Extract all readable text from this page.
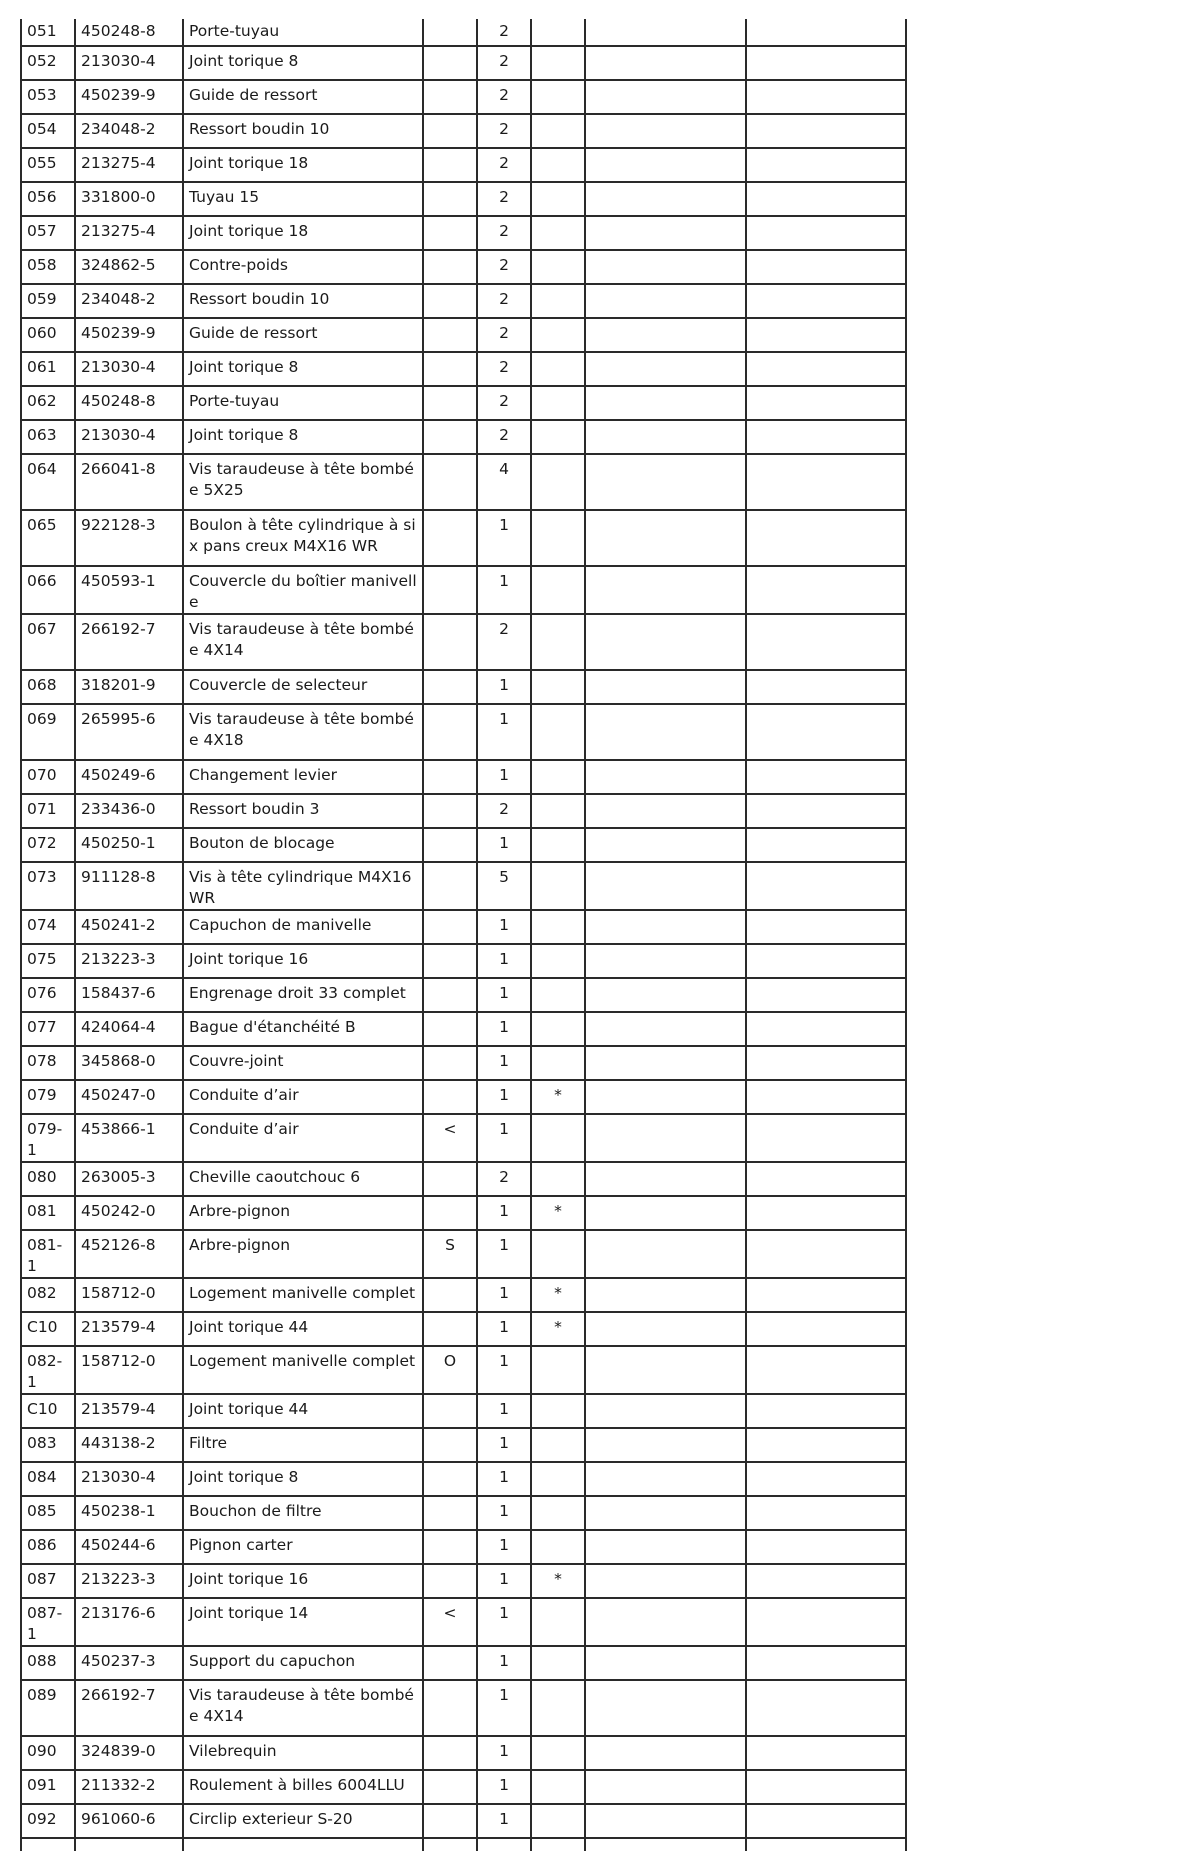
051	450248-8	Porte-tuyau		2			
052	213030-4	Joint torique 8		2			
053	450239-9	Guide de ressort		2			
054	234048-2	Ressort boudin 10		2			
055	213275-4	Joint torique 18		2			
056	331800-0	Tuyau 15		2			
057	213275-4	Joint torique 18		2			
058	324862-5	Contre-poids		2			
059	234048-2	Ressort boudin 10		2			
060	450239-9	Guide de ressort		2			
061	213030-4	Joint torique 8		2			
062	450248-8	Porte-tuyau		2			
063	213030-4	Joint torique 8		2			
064	266041-8	Vis taraudeuse à tête bombée 5X25		4			
065	922128-3	Boulon à tête cylindrique à six pans creux M4X16 WR		1			
066	450593-1	Couvercle du boîtier manivelle		1			
067	266192-7	Vis taraudeuse à tête bombée 4X14		2			
068	318201-9	Couvercle de selecteur		1			
069	265995-6	Vis taraudeuse à tête bombée 4X18		1			
070	450249-6	Changement levier		1			
071	233436-0	Ressort boudin 3		2			
072	450250-1	Bouton de blocage		1			
073	911128-8	Vis à tête cylindrique M4X16 WR		5			
074	450241-2	Capuchon de manivelle		1			
075	213223-3	Joint torique 16		1			
076	158437-6	Engrenage droit 33 complet		1			
077	424064-4	Bague d'étanchéité B		1			
078	345868-0	Couvre-joint		1			
079	450247-0	Conduite d’air		1	*		
079-1	453866-1	Conduite d’air	<	1			
080	263005-3	Cheville caoutchouc 6		2			
081	450242-0	Arbre-pignon		1	*		
081-1	452126-8	Arbre-pignon	S	1			
082	158712-0	Logement manivelle complet		1	*		
C10	213579-4	Joint torique 44		1	*		
082-1	158712-0	Logement manivelle complet	O	1			
C10	213579-4	Joint torique 44		1			
083	443138-2	Filtre		1			
084	213030-4	Joint torique 8		1			
085	450238-1	Bouchon de filtre		1			
086	450244-6	Pignon carter		1			
087	213223-3	Joint torique 16		1	*		
087-1	213176-6	Joint torique 14	<	1			
088	450237-3	Support du capuchon		1			
089	266192-7	Vis taraudeuse à tête bombée 4X14		1			
090	324839-0	Vilebrequin		1			
091	211332-2	Roulement à billes 6004LLU		1			
092	961060-6	Circlip exterieur S-20		1			
